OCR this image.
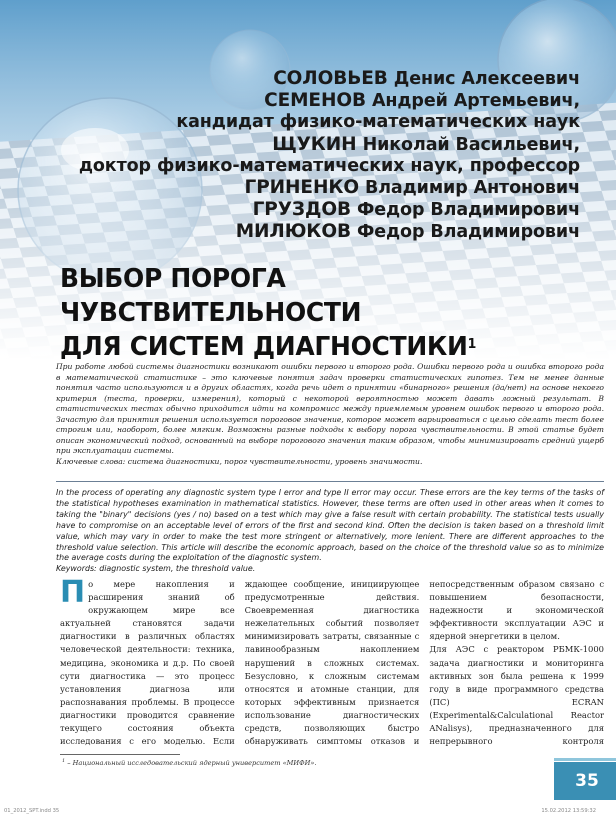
СОЛОВЬЕВ Денис Алексеевич
СЕМЕНОВ Андрей Артемьевич,
кандидат физико-математических наук
ЩУКИН Николай Васильевич,
доктор физико-математических наук, профессор
ГРИНЕНКО Владимир Антонович
ГРУЗДОВ Федор Владимирович
МИЛЮКОВ Федор Владимирович
ВЫБОР ПОРОГА ЧУВСТВИТЕЛЬНОСТИ
ДЛЯ СИСТЕМ ДИАГНОСТИКИ$^1$

При работе любой системы диагностики возникают ошибки первого и второго рода. Ошибки первого рода и ошибка второго рода в математической статистике – это ключевые понятия задач проверки статистических гипотез. Тем не менее данные понятия часто используются и в других областях, когда речь идет о принятии «бинарного» решения (да/нет) на основе некоего критерия (теста, проверки, измерения), который с некоторой вероятностью может давать ложный результат. В статистических тестах обычно приходится идти на компромисс между приемлемым уровнем ошибок первого и второго рода. Зачастую для принятия решения используется пороговое значение, которое может варьироваться с целью сделать тест более строгим или, наоборот, более мягким. Возможны разные подходы к выбору порога чувствительности. В этой статье будет описан экономический подход, основанный на выборе порогового значения таким образом, чтобы минимизировать средний ущерб при эксплуатации системы.

Ключевые слова: система диагностики, порог чувствительности, уровень значимости.

In the process of operating any diagnostic system type I error and type II error may occur. These errors are the key terms of the tasks of the statistical hypotheses examination in mathematical statistics. However, these terms are often used in other areas when it comes to taking the "binary" decisions (yes / no) based on a test which may give a false result with certain probability. The statistical tests usually have to compromise on an acceptable level of errors of the first and second kind. Often the decision is taken based on a threshold limit value, which may vary in order to make the test more stringent or alternatively, more lenient. There are different approaches to the threshold value selection. This article will describe the economic approach, based on the choice of the threshold value so as to minimize the average costs during the exploitation of the diagnostic system.

Keywords: diagnostic system, the threshold value.

П о мере накопления и расширения знаний об окружающем мире все актуальней становятся задачи диагностики в различных областях человеческой деятельности: техника, медицина, экономика и д.р. По своей сути диагностика — это процесс установления диагноза или распознавания проблемы. В процессе диагностики проводится сравнение текущего состояния объекта исследования с его моделью. Если

ждающее сообщение, инициирующее предусмотренные действия. Своевременная диагностика нежелательных событий позволяет минимизировать затраты, связанные с лавинообразным накоплением нарушений в сложных системах. Безусловно, к сложным системам относятся и атомные станции, для которых эффективным признается использование диагностических средств, позволяющих быстро обнаруживать симптомы отказов и

непосредственным образом связано с повышением безопасности, надежности и экономической эффективности эксплуатации АЭС и ядерной энергетики в целом.

Для АЭС с реактором РБМК-1000 задача диагностики и мониторинга активных зон была решена к 1999 году в виде программного средства (ПС) ECRAN (Experimental&Calculational Reactor ANalisys), предназначенного для непрерывного контроля

$^1$ – Национальный исследовательский ядерный университет «МИФИ».
35
01_2012_SPT.indd 35	15.02.2012 13:59:32
